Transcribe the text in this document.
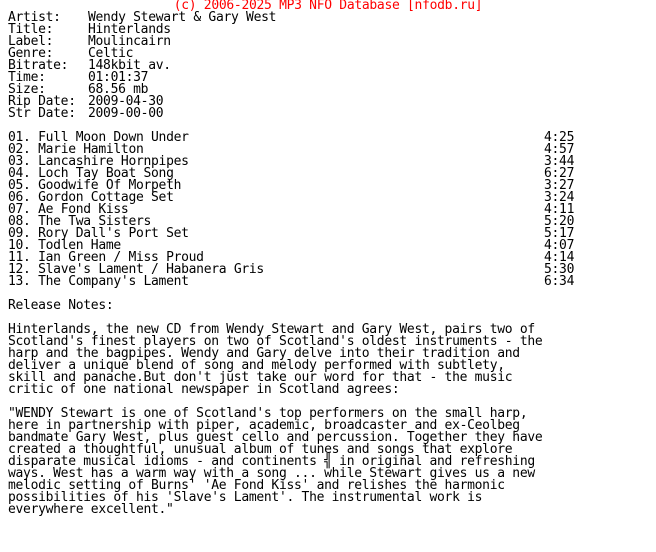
(c) 2006-2025 MP3 NFO Database [nfodb.ru]
Artist: Wendy Stewart & Gary West
Title:	Hinterlands
Label:	Moulincairn
Genre:	Celtic
Bitrate: 148kbit av.
Time:	01:01:37
Size:	68.56 mb
Rip Date: 2009-04-30
Str Date: 2009-00-00
01. Full Moon Down Under	4:25
02. Marie Hamilton	4:57
03. Lancashire Hornpipes	3:44
04. Loch Tay Boat Song	6:27
05. Goodwife Of Morpeth	3:27
06. Gordon Cottage Set	3:24
07. Ae Fond Kiss	4:11
08. The Twa Sisters	5:20
09. Rory Dall's Port Set	5:17
10. Todlen Hame	4:07
11. Ian Green / Miss Proud	4:14
12. Slave's Lament / Habanera Gris	5:30
13. The Company's Lament	6:34
Release Notes:
Hinterlands, the new CD from Wendy Stewart and Gary West, pairs two of
Scotland's finest players on two of Scotland's oldest instruments - the
harp and the bagpipes. Wendy and Gary delve into their tradition and
deliver a unique blend of song and melody performed with subtlety,
skill and panache.But don't just take our word for that - the music
critic of one national newspaper in Scotland agrees:
"WENDY Stewart is one of Scotland's top performers on the small harp,
here in partnership with piper, academic, broadcaster and ex-Ceolbeg
bandmate Gary West, plus guest cello and percussion. Together they have
created a thoughtful, unusual album of tunes and songs that explore
disparate musical idioms - and continents ╣ in original and refreshing
ways. West has a warm way with a song ... while Stewart gives us a new
melodic setting of Burns' 'Ae Fond Kiss' and relishes the harmonic
possibilities of his 'Slave's Lament'. The instrumental work is
everywhere excellent."
